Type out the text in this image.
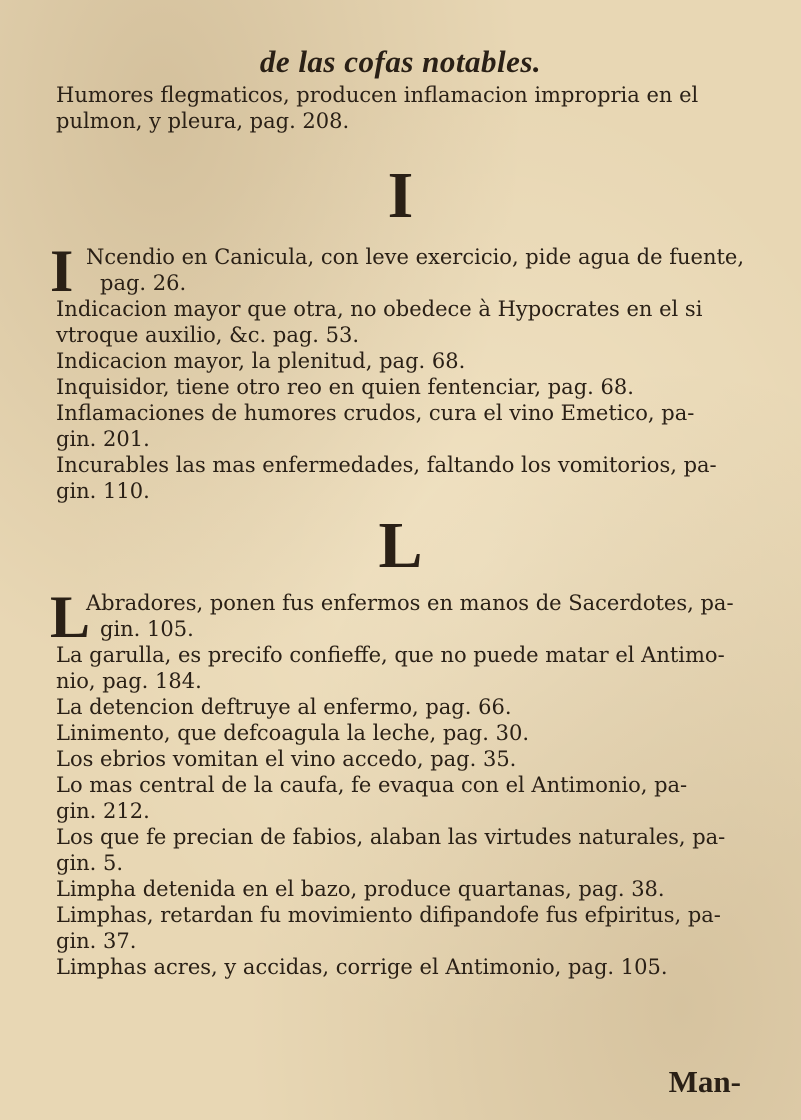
de las cofas notables.
Humores flegmaticos, producen inflamacion impropria en el
pulmon, y pleura, pag. 208.
I
I Ncendio en Canicula, con leve exercicio, pide agua de fuente,
pag. 26.
Indicacion mayor que otra, no obedece à Hypocrates en el si
vtroque auxilio, &c. pag. 53.
Indicacion mayor, la plenitud, pag. 68.
Inquisidor, tiene otro reo en quien fentenciar, pag. 68.
Inflamaciones de humores crudos, cura el vino Emetico, pa-
gin. 201.
Incurables las mas enfermedades, faltando los vomitorios, pa-
gin. 110.
L
L
Abradores, ponen fus enfermos en manos de Sacerdotes, pa-
gin. 105.
La garulla, es precifo confieffe, que no puede matar el Antimo-
nio, pag. 184.
La detencion deftruye al enfermo, pag. 66.
Linimento, que defcoagula la leche, pag. 30.
Los ebrios vomitan el vino accedo, pag. 35.
Lo mas central de la caufa, fe evaqua con el Antimonio, pa-
gin. 212.
Los que fe precian de fabios, alaban las virtudes naturales, pa-
gin. 5.
Limpha detenida en el bazo, produce quartanas, pag. 38.
Limphas, retardan fu movimiento difipandofe fus efpiritus, pa-
gin. 37.
Limphas acres, y accidas, corrige el Antimonio, pag. 105.
Man-
